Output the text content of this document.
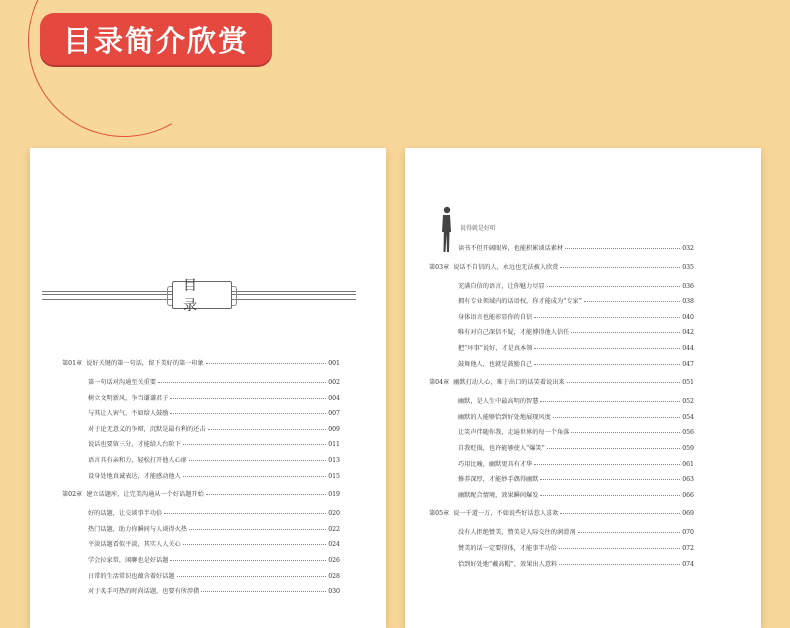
目录简介欣赏
目 录
第01章 说好关键的第一句话，留下美好的第一印象	001
第一句话对沟通至关重要	002
树立文明新风，争当谦谦君子	004
与其让人害气，不如给人鼓励	007
对于论无意义的争辩，沉默是最有利的还击	009
说话也要留三分，才能给人台阶下	011
语言具有亲和力，轻松打开他人心扉	013
设身处地真诚表达，才能感动他人	015
第02章 建立话题库，让完美沟通从一个好话题开始	019
好的话题，让交谈事半功倍	020
热门话题，助力你瞬间与人谈得火热	022
平淡话题看似平淡，其实人人关心	024
学会拉家常，闲聊也是好话题	026
日常的生活常识也蕴含着好话题	028
对于炙手可热的时尚话题，也要有所涉猎	030
说得就是好听
读书不但开阔眼界，也能积累谈话素材	032
第03章 说话不自信的人，永远也无法被人欣赏	035
充满自信的语言，让你魅力尽显	036
拥有专业领域内的话语权，你才能成为“专家”	038
身体语言也能彰显你的自信	040
唯有对自己深信不疑，才能博得他人信任	042
把“坏事”说好，才是真本领	044
鼓舞他人，也就是鼓励自己	047
第04章 幽默打动人心，难于出口的话笑着说出来	051
幽默，是人生中最高明的智慧	052
幽默的人能够恰到好处地展现风度	054
让笑声伴随你我，走遍世界的每一个角落	056
自我贬损，也许能够使人“爆笑”	059
巧用比喻，幽默更具有才华	061
修养深厚，才能妙手偶得幽默	063
幽默配合情境，效果瞬间爆发	066
第05章 说一千道一万，不如说些好话惹人喜欢	069
没有人拒绝赞美，赞美是人际交往的润滑剂	070
赞美的话一定要得体，才能事半功倍	072
恰到好处地“戴高帽”，效果出人意料	074
